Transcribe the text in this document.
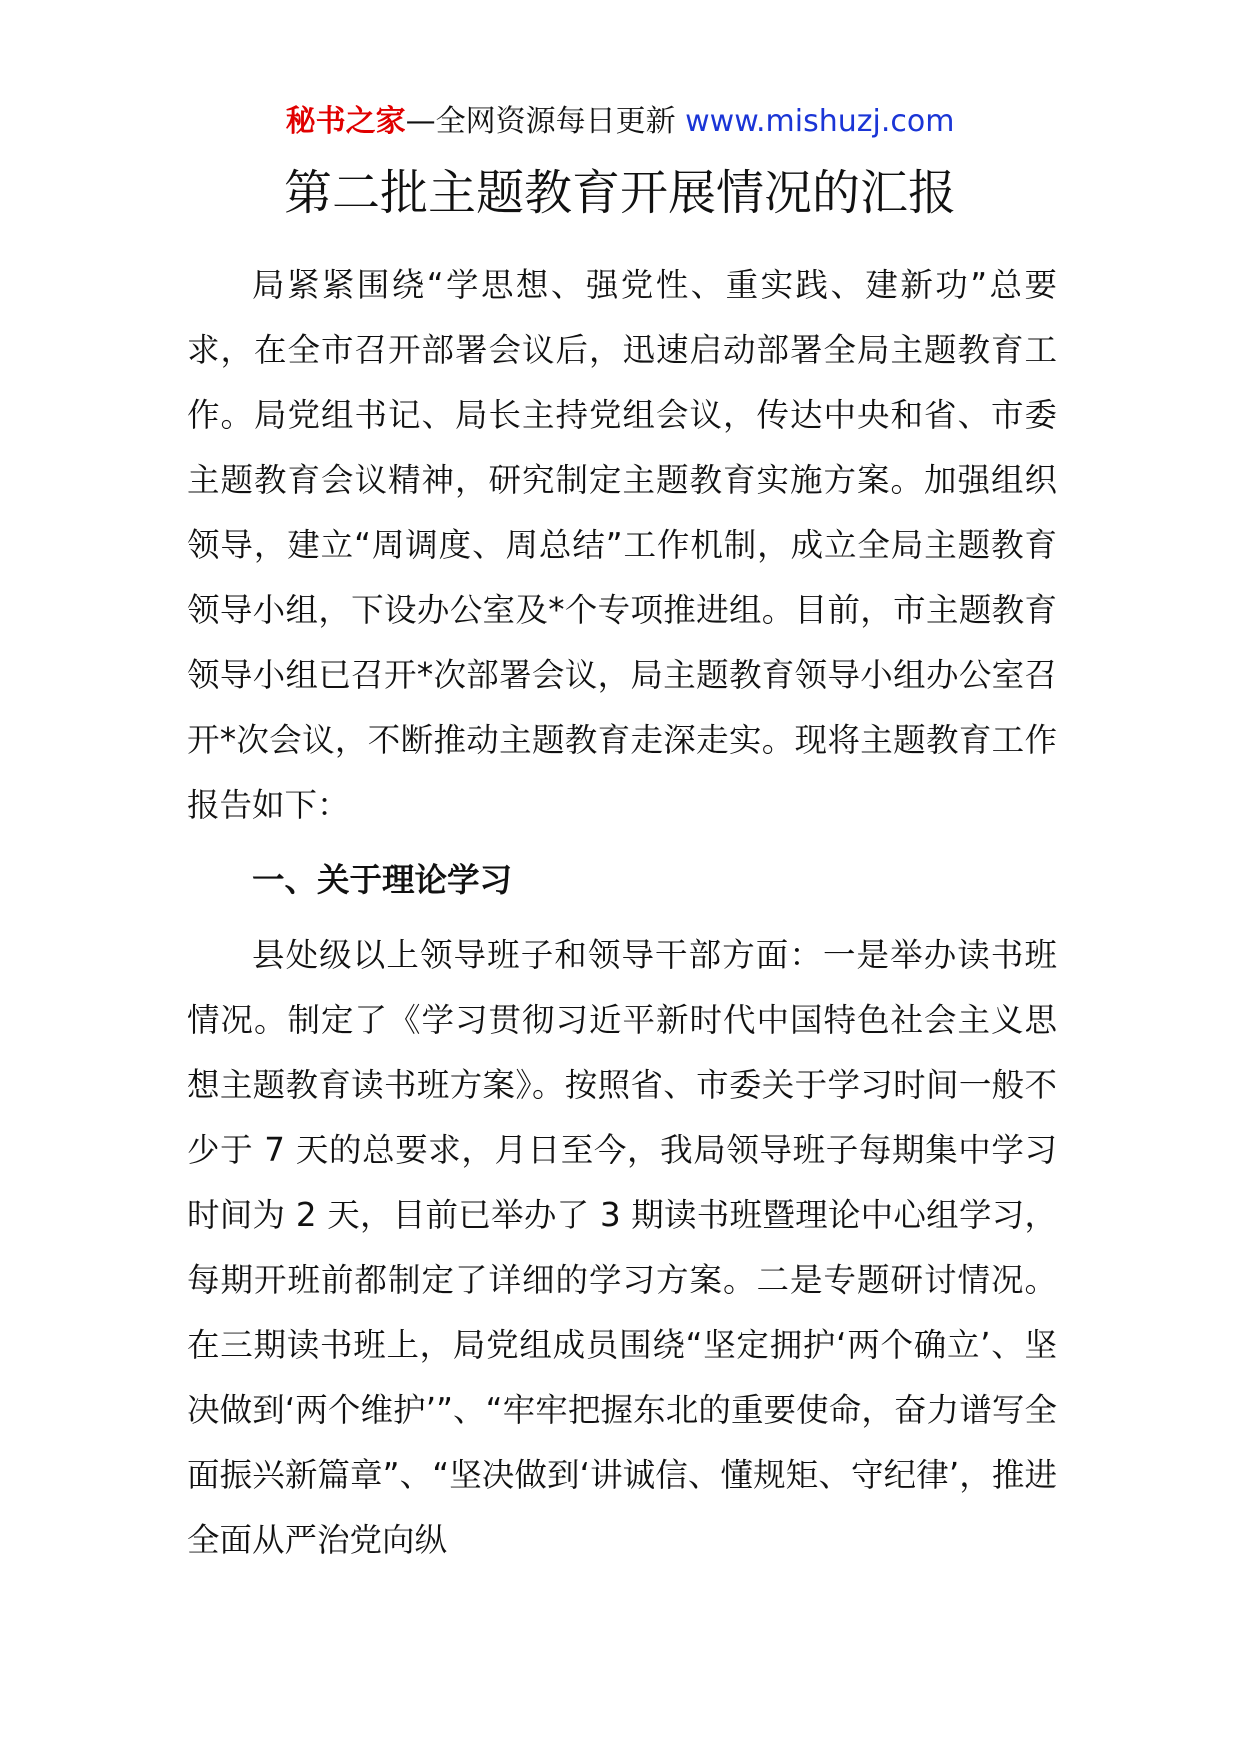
秘书之家—全网资源每日更新 www.mishuzj.com
第二批主题教育开展情况的汇报

局紧紧围绕“学思想、强党性、重实践、建新功”总要求，在全市召开部署会议后，迅速启动部署全局主题教育工作。局党组书记、局长主持党组会议，传达中央和省、市委主题教育会议精神，研究制定主题教育实施方案。加强组织领导，建立“周调度、周总结”工作机制，成立全局主题教育领导小组，下设办公室及*个专项推进组。目前，市主题教育领导小组已召开*次部署会议，局主题教育领导小组办公室召开*次会议，不断推动主题教育走深走实。现将主题教育工作报告如下：

一、关于理论学习

县处级以上领导班子和领导干部方面：一是举办读书班情况。制定了《学习贯彻习近平新时代中国特色社会主义思想主题教育读书班方案》。按照省、市委关于学习时间一般不少于 7 天的总要求，月日至今，我局领导班子每期集中学习时间为 2 天，目前已举办了 3 期读书班暨理论中心组学习，每期开班前都制定了详细的学习方案。二是专题研讨情况。在三期读书班上，局党组成员围绕“坚定拥护‘两个确立’、坚决做到‘两个维护’”、“牢牢把握东北的重要使命，奋力谱写全面振兴新篇章”、“坚决做到‘讲诚信、懂规矩、守纪律’，推进全面从严治党向纵
